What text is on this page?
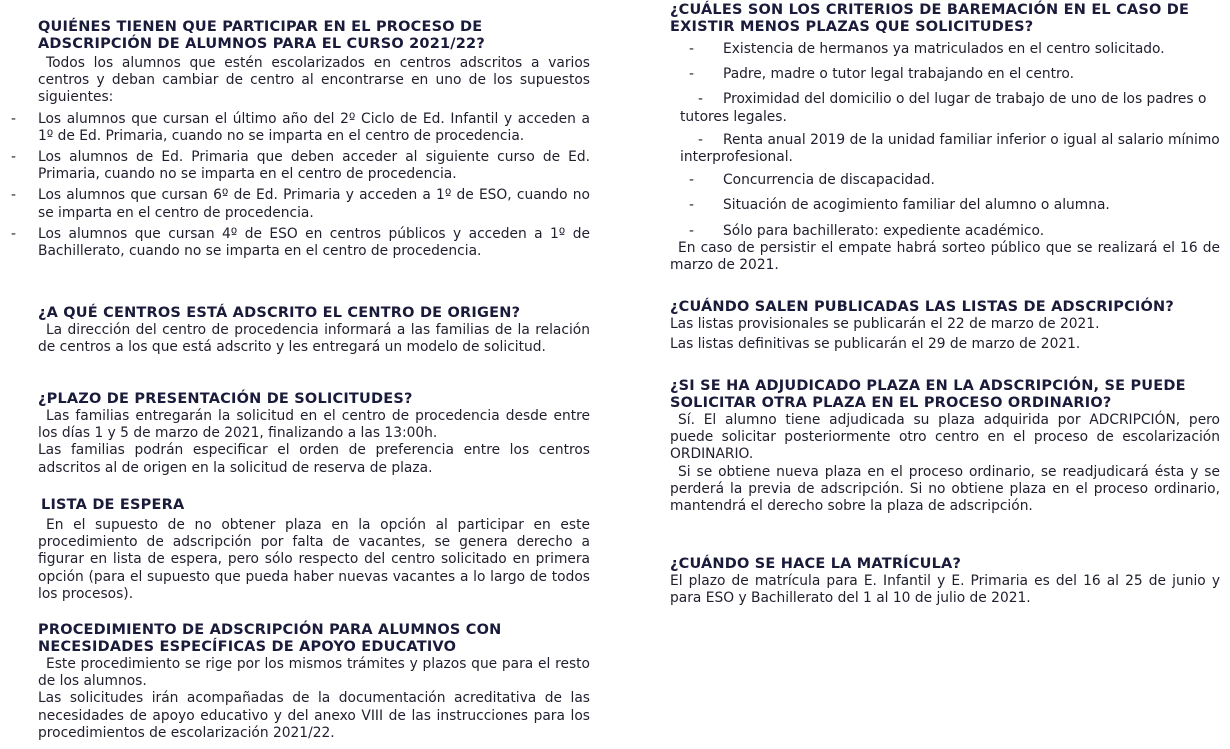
QUIÉNES TIENEN QUE PARTICIPAR EN EL PROCESO DE ADSCRIPCIÓN DE ALUMNOS PARA EL CURSO 2021/22?

Todos los alumnos que estén escolarizados en centros adscritos a varios centros y deban cambiar de centro al encontrarse en uno de los supuestos siguientes:

- Los alumnos que cursan el último año del 2º Ciclo de Ed. Infantil y acceden a 1º de Ed. Primaria, cuando no se imparta en el centro de procedencia.
- Los alumnos de Ed. Primaria que deben acceder al siguiente curso de Ed. Primaria, cuando no se imparta en el centro de procedencia.
- Los alumnos que cursan 6º de Ed. Primaria y acceden a 1º de ESO, cuando no se imparta en el centro de procedencia.
- Los alumnos que cursan 4º de ESO en centros públicos y acceden a 1º de Bachillerato, cuando no se imparta en el centro de procedencia.
¿A QUÉ CENTROS ESTÁ ADSCRITO EL CENTRO DE ORIGEN?

La dirección del centro de procedencia informará a las familias de la relación de centros a los que está adscrito y les entregará un modelo de solicitud.

¿PLAZO DE PRESENTACIÓN DE SOLICITUDES?

Las familias entregarán la solicitud en el centro de procedencia desde entre los días 1 y 5 de marzo de 2021, finalizando a las 13:00h.

Las familias podrán especificar el orden de preferencia entre los centros adscritos al de origen en la solicitud de reserva de plaza.

LISTA DE ESPERA

En el supuesto de no obtener plaza en la opción al participar en este procedimiento de adscripción por falta de vacantes, se genera derecho a figurar en lista de espera, pero sólo respecto del centro solicitado en primera opción (para el supuesto que pueda haber nuevas vacantes a lo largo de todos los procesos).

PROCEDIMIENTO DE ADSCRIPCIÓN PARA ALUMNOS CON NECESIDADES ESPECÍFICAS DE APOYO EDUCATIVO

Este procedimiento se rige por los mismos trámites y plazos que para el resto de los alumnos.

Las solicitudes irán acompañadas de la documentación acreditativa de las necesidades de apoyo educativo y del anexo VIII de las instrucciones para los procedimientos de escolarización 2021/22.

¿CUÁLES SON LOS CRITERIOS DE BAREMACIÓN EN EL CASO DE EXISTIR MENOS PLAZAS QUE SOLICITUDES?
- Existencia de hermanos ya matriculados en el centro solicitado.
- Padre, madre o tutor legal trabajando en el centro.
- Proximidad del domicilio o del lugar de trabajo de uno de los padres o tutores legales.
- Renta anual 2019 de la unidad familiar inferior o igual al salario mínimo interprofesional.
- Concurrencia de discapacidad.
- Situación de acogimiento familiar del alumno o alumna.
- Sólo para bachillerato: expediente académico.

En caso de persistir el empate habrá sorteo público que se realizará el 16 de marzo de 2021.

¿CUÁNDO SALEN PUBLICADAS LAS LISTAS DE ADSCRIPCIÓN?

Las listas provisionales se publicarán el 22 de marzo de 2021.

Las listas definitivas se publicarán el 29 de marzo de 2021.

¿SI SE HA ADJUDICADO PLAZA EN LA ADSCRIPCIÓN, SE PUEDE SOLICITAR OTRA PLAZA EN EL PROCESO ORDINARIO?

Sí. El alumno tiene adjudicada su plaza adquirida por ADCRIPCIÓN, pero puede solicitar posteriormente otro centro en el proceso de escolarización ORDINARIO.

Si se obtiene nueva plaza en el proceso ordinario, se readjudicará ésta y se perderá la previa de adscripción. Si no obtiene plaza en el proceso ordinario, mantendrá el derecho sobre la plaza de adscripción.

¿CUÁNDO SE HACE LA MATRÍCULA?

El plazo de matrícula para E. Infantil y E. Primaria es del 16 al 25 de junio y para ESO y Bachillerato del 1 al 10 de julio de 2021.
